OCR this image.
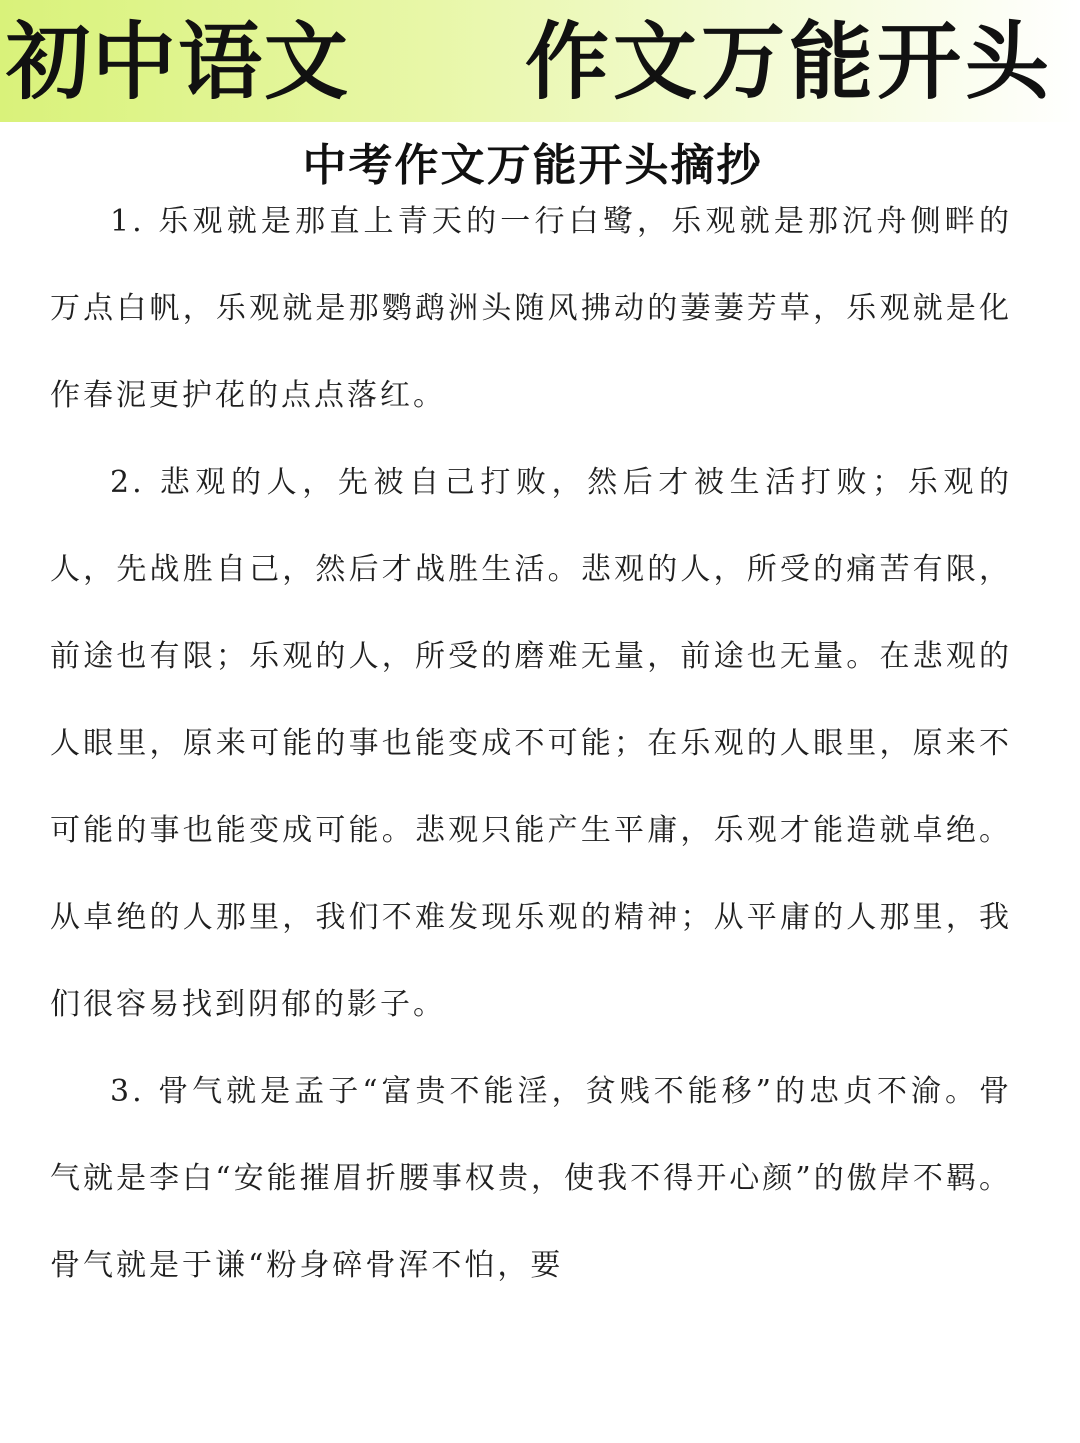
初中语文 作文万能开头
中考作文万能开头摘抄

1. 乐观就是那直上青天的一行白鹭，乐观就是那沉舟侧畔的万点白帆，乐观就是那鹦鹉洲头随风拂动的萋萋芳草，乐观就是化作春泥更护花的点点落红。

2. 悲观的人，先被自己打败，然后才被生活打败；乐观的人，先战胜自己，然后才战胜生活。悲观的人，所受的痛苦有限，前途也有限；乐观的人，所受的磨难无量，前途也无量。在悲观的人眼里，原来可能的事也能变成不可能；在乐观的人眼里，原来不可能的事也能变成可能。悲观只能产生平庸，乐观才能造就卓绝。从卓绝的人那里，我们不难发现乐观的精神；从平庸的人那里，我们很容易找到阴郁的影子。

3. 骨气就是孟子“富贵不能淫，贫贱不能移”的忠贞不渝。骨气就是李白“安能摧眉折腰事权贵，使我不得开心颜”的傲岸不羁。骨气就是于谦“粉身碎骨浑不怕，要
